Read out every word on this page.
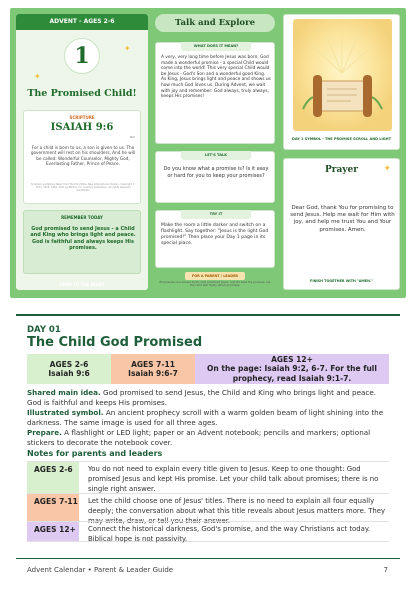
ADVENT - AGES 2-6
✦
✦
1
The Promised Child!
SCRIPTURE
ISAIAH 9:6
NIV
For a child is born to us, a son is given to us. The government will rest on his shoulders, And he will be called: Wonderful Counselor, Mighty God, Everlasting Father, Prince of Peace.
Scripture quotations taken from the Holy Bible, New International Version, Copyright © 1973, 1978, 1984, 2011 by Biblica, Inc. Used by permission. All rights reserved worldwide.
REMEMBER TODAY
God promised to send Jesus - a Child and King who brings light and peace. God is faithful and always keeps His promises.
OPEN TO THE RIGHT
Talk and Explore
WHAT DOES IT MEAN?
A very, very long time before Jesus was born, God made a wonderful promise - a special Child would come into the world! This very special Child would be Jesus - God's Son and a wonderful good King. As King, Jesus brings light and peace and shows us how much God loves us. During Advent, we wait with joy and remember: God always, truly always, keeps His promises!
LET'S TALK
Do you know what a promise is? Is it easy or hard for you to keep your promises?
TRY IT
Make the room a little darker and switch on a flashlight. Say together: "Jesus is the light God promised!" Then place your Day 1 page in its special place.
FOR A PARENT / LEADER
Emphasize one simple truth: God promised Jesus, and He kept His promise. Let the child talk freely about promises.
DAY 1 SYMBOL - THE PROMISE SCROLL AND LIGHT
Prayer	✦
Dear God, thank You for promising to send Jesus. Help me wait for Him with joy, and help me trust You and Your promises. Amen.
FINISH TOGETHER WITH "AMEN."
DAY 01
The Child God Promised
AGES 2-6
Isaiah 9:6
AGES 7-11
Isaiah 9:6-7
AGES 12+
On the page: Isaiah 9:2, 6-7. For the full prophecy, read Isaiah 9:1-7.
Shared main idea. God promised to send Jesus, the Child and King who brings light and peace. God is faithful and keeps His promises.
Illustrated symbol. An ancient prophecy scroll with a warm golden beam of light shining into the darkness. The same image is used for all three ages.
Prepare. A flashlight or LED light; paper or an Advent notebook; pencils and markers; optional stickers to decorate the notebook cover.
Notes for parents and leaders
AGES 2-6	You do not need to explain every title given to Jesus. Keep to one thought: God promised Jesus and kept His promise. Let your child talk about promises; there is no single right answer.
AGES 7-11 Let the child choose one of Jesus' titles. There is no need to explain all four equally deeply; the conversation about what this title reveals about Jesus matters more. They may write, draw, or tell you their answer.
AGES 12+	Connect the historical darkness, God's promise, and the way Christians act today. Biblical hope is not passivity.
Advent Calendar • Parent & Leader Guide	7
